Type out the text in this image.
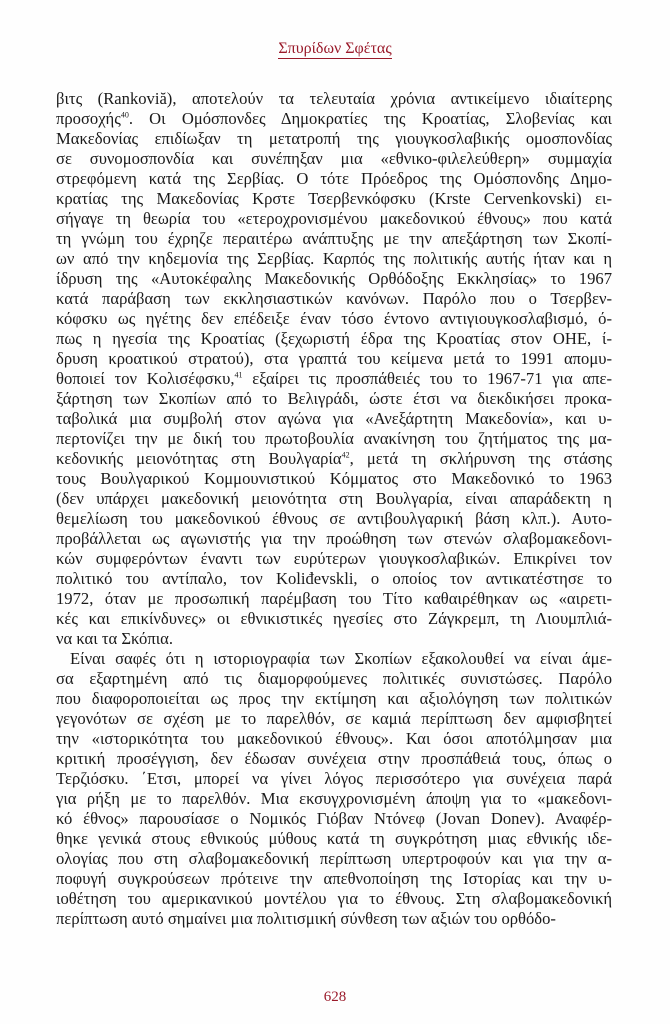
Σπυρίδων Σφέτας
βιτς (Rankoviă), αποτελούν τα τελευταία χρόνια αντικείμενο ιδιαίτερης
προσοχής$^{40}$. Οι Ομόσπονδες Δημοκρατίες της Κροατίας, Σλοβενίας και
Μακεδονίας επιδίωξαν τη μετατροπή της γιουγκοσλαβικής ομοσπονδίας
σε συνομοσπονδία και συνέπηξαν μια «εθνικο-φιλελεύθερη» συμμαχία
στρεφόμενη κατά της Σερβίας. Ο τότε Πρόεδρος της Ομόσπονδης Δημο-
κρατίας της Μακεδονίας Κρστε Τσερβενκόφσκυ (Krste Cervenkovski) ει-
σήγαγε τη θεωρία του «ετεροχρονισμένου μακεδονικού έθνους» που κατά
τη γνώμη του έχρηζε περαιτέρω ανάπτυξης με την απεξάρτηση των Σκοπί-
ων από την κηδεμονία της Σερβίας. Καρπός της πολιτικής αυτής ήταν και η
ίδρυση της «Αυτοκέφαλης Μακεδονικής Ορθόδοξης Εκκλησίας» το 1967
κατά παράβαση των εκκλησιαστικών κανόνων. Παρόλο που ο Τσερβεν-
κόφσκυ ως ηγέτης δεν επέδειξε έναν τόσο έντονο αντιγιουγκοσλαβισμό, ό-
πως η ηγεσία της Κροατίας (ξεχωριστή έδρα της Κροατίας στον ΟΗΕ, ί-
δρυση κροατικού στρατού), στα γραπτά του κείμενα μετά το 1991 απομυ-
θοποιεί τον Κολισέφσκυ,$^{41}$ εξαίρει τις προσπάθειές του το 1967-71 για απε-
ξάρτηση των Σκοπίων από το Βελιγράδι, ώστε έτσι να διεκδικήσει προκα-
ταβολικά μια συμβολή στον αγώνα για «Ανεξάρτητη Μακεδονία», και υ-
περτονίζει την με δική του πρωτοβουλία ανακίνηση του ζητήματος της μα-
κεδονικής μειονότητας στη Βουλγαρία$^{42}$, μετά τη σκλήρυνση της στάσης
τους Βουλγαρικού Κομμουνιστικού Κόμματος στο Μακεδονικό το 1963
(δεν υπάρχει μακεδονική μειονότητα στη Βουλγαρία, είναι απαράδεκτη η
θεμελίωση του μακεδονικού έθνους σε αντιβουλγαρική βάση κλπ.). Αυτο-
προβάλλεται ως αγωνιστής για την προώθηση των στενών σλαβομακεδονι-
κών συμφερόντων έναντι των ευρύτερων γιουγκοσλαβικών. Επικρίνει τον
πολιτικό του αντίπαλο, τον Koliđevskli, ο οποίος τον αντικατέστησε το
1972, όταν με προσωπική παρέμβαση του Τίτο καθαιρέθηκαν ως «αιρετι-
κές και επικίνδυνες» οι εθνικιστικές ηγεσίες στο Ζάγκρεμπ, τη Λιουμπλιά-
να και τα Σκόπια.
Είναι σαφές ότι η ιστοριογραφία των Σκοπίων εξακολουθεί να είναι άμε-
σα εξαρτημένη από τις διαμορφούμενες πολιτικές συνιστώσες. Παρόλο
που διαφοροποιείται ως προς την εκτίμηση και αξιολόγηση των πολιτικών
γεγονότων σε σχέση με το παρελθόν, σε καμιά περίπτωση δεν αμφισβητεί
την «ιστορικότητα του μακεδονικού έθνους». Και όσοι αποτόλμησαν μια
κριτική προσέγγιση, δεν έδωσαν συνέχεια στην προσπάθειά τους, όπως ο
Τερζιόσκυ. ΄Ετσι, μπορεί να γίνει λόγος περισσότερο για συνέχεια παρά
για ρήξη με το παρελθόν. Μια εκσυγχρονισμένη άποψη για το «μακεδονι-
κό έθνος» παρουσίασε ο Νομικός Γιόβαν Ντόνεφ (Jovan Donev). Αναφέρ-
θηκε γενικά στους εθνικούς μύθους κατά τη συγκρότηση μιας εθνικής ιδε-
ολογίας που στη σλαβομακεδονική περίπτωση υπερτροφούν και για την α-
ποφυγή συγκρούσεων πρότεινε την απεθνοποίηση της Ιστορίας και την υ-
ιοθέτηση του αμερικανικού μοντέλου για το έθνους. Στη σλαβομακεδονική
περίπτωση αυτό σημαίνει μια πολιτισμική σύνθεση των αξιών του ορθόδο-
628
